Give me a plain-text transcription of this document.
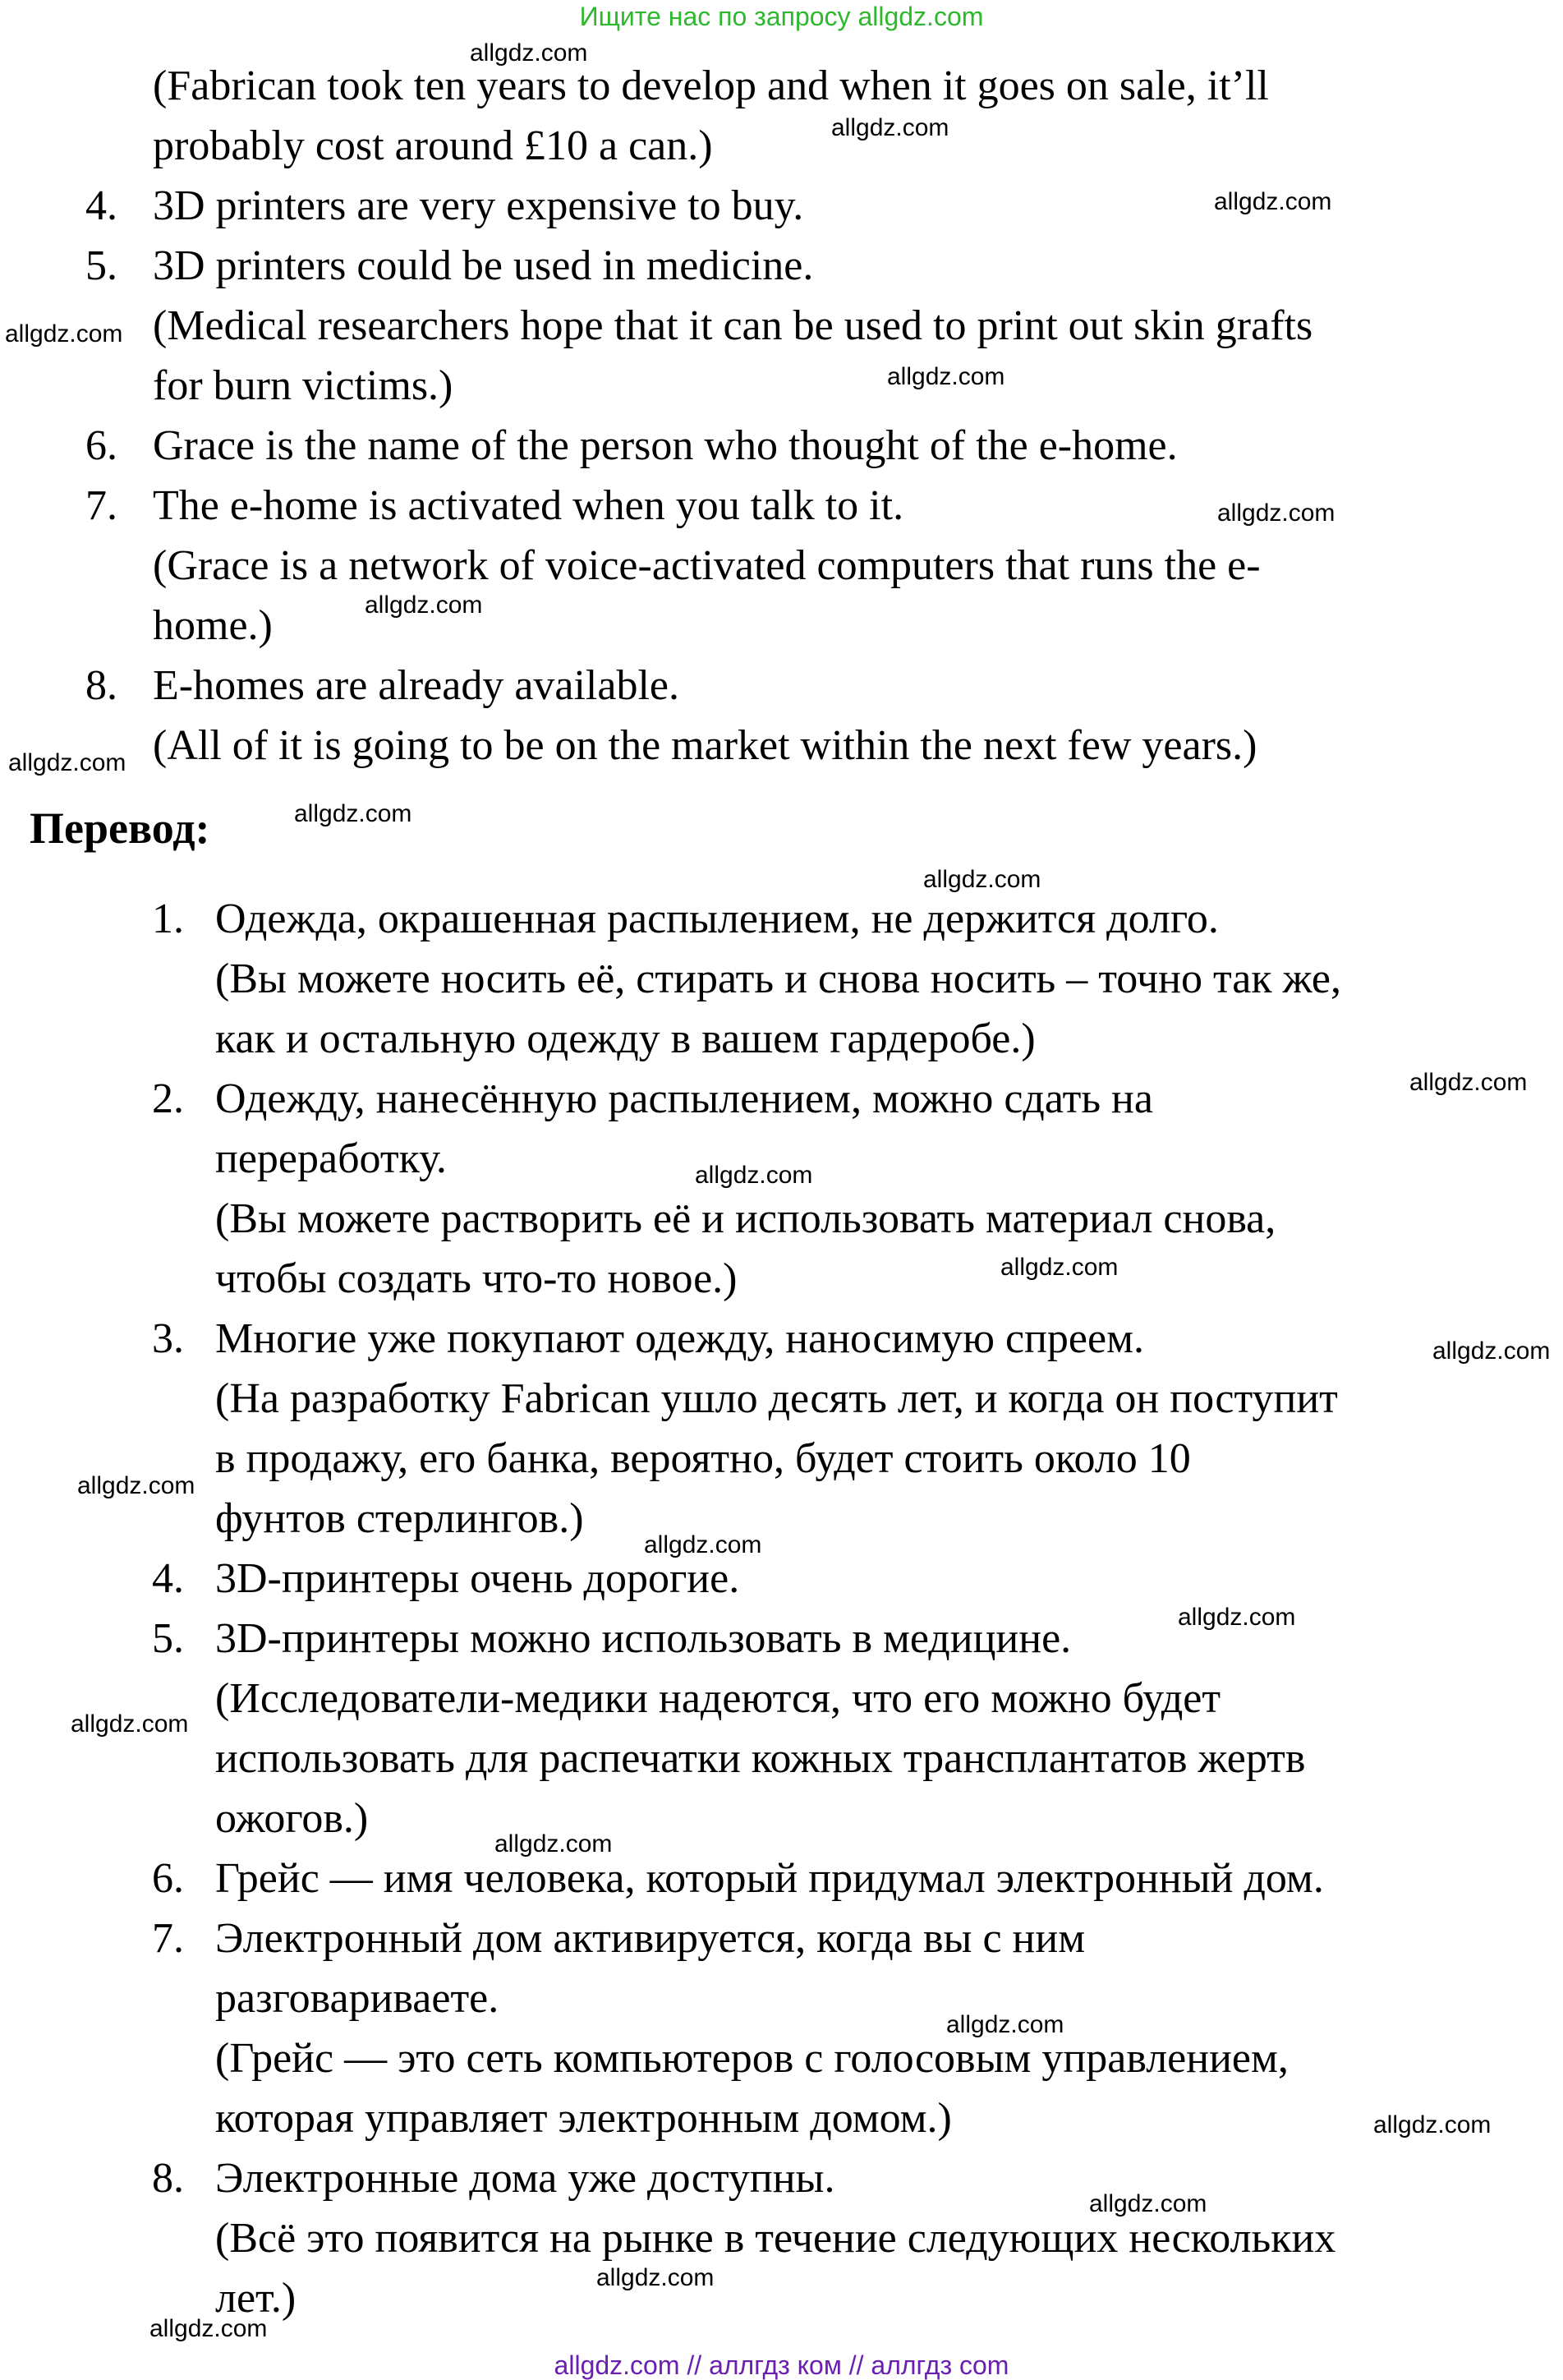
Ищите нас по запросу allgdz.com
(Fabrican took ten years to develop and when it goes on sale, it’ll
probably cost around £10 a can.)
4. 3D printers are very expensive to buy.
5. 3D printers could be used in medicine.
(Medical researchers hope that it can be used to print out skin grafts
for burn victims.)
6. Grace is the name of the person who thought of the e-home.
7. The e-home is activated when you talk to it.
(Grace is a network of voice-activated computers that runs the e-
home.)
8. E-homes are already available.
(All of it is going to be on the market within the next few years.)
Перевод:
1. Одежда, окрашенная распылением, не держится долго.
(Вы можете носить её, стирать и снова носить – точно так же,
как и остальную одежду в вашем гардеробе.)
2. Одежду, нанесённую распылением, можно сдать на
переработку.
(Вы можете растворить её и использовать материал снова,
чтобы создать что-то новое.)
3. Многие уже покупают одежду, наносимую спреем.
(На разработку Fabrican ушло десять лет, и когда он поступит
в продажу, его банка, вероятно, будет стоить около 10
фунтов стерлингов.)
4. 3D-принтеры очень дорогие.
5. 3D-принтеры можно использовать в медицине.
(Исследователи-медики надеются, что его можно будет
использовать для распечатки кожных трансплантатов жертв
ожогов.)
6. Грейс — имя человека, который придумал электронный дом.
7. Электронный дом активируется, когда вы с ним
разговариваете.
(Грейс — это сеть компьютеров с голосовым управлением,
которая управляет электронным домом.)
8. Электронные дома уже доступны.
(Всё это появится на рынке в течение следующих нескольких
лет.)
allgdz.com
allgdz.com
allgdz.com
allgdz.com
allgdz.com
allgdz.com
allgdz.com
allgdz.com
allgdz.com
allgdz.com
allgdz.com
allgdz.com
allgdz.com
allgdz.com
allgdz.com
allgdz.com
allgdz.com
allgdz.com
allgdz.com
allgdz.com
allgdz.com
allgdz.com
allgdz.com
allgdz.com
allgdz.com // аллгдз ком // аллгдз com
